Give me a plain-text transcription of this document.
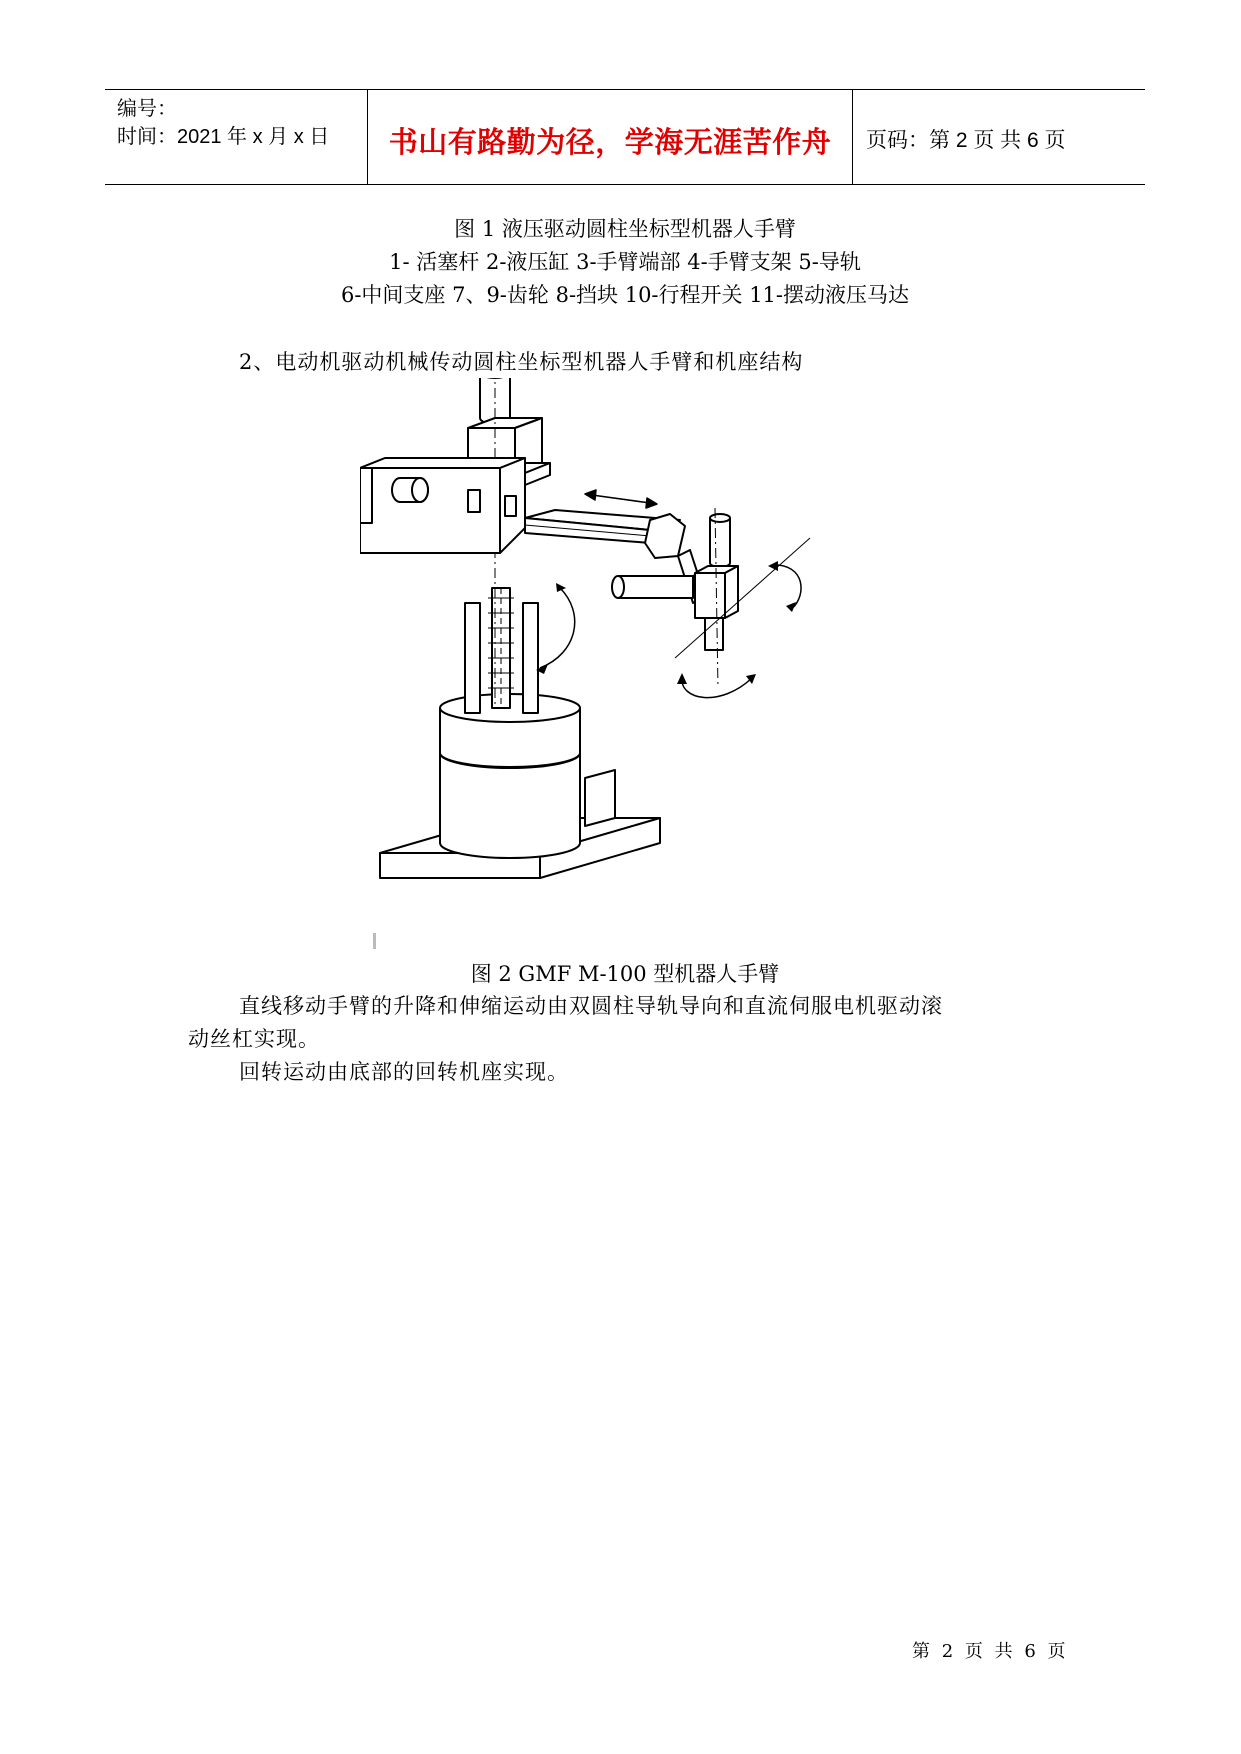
编号：
时间：2021 年 x 月 x 日	书山有路勤为径，学海无涯苦作舟	页码：第 2 页 共 6 页
图 1 液压驱动圆柱坐标型机器人手臂
1- 活塞杆 2-液压缸 3-手臂端部 4-手臂支架 5-导轨
6-中间支座 7、9-齿轮 8-挡块 10-行程开关 11-摆动液压马达
2、电动机驱动机械传动圆柱坐标型机器人手臂和机座结构
图 2 GMF M-100 型机器人手臂
直线移动手臂的升降和伸缩运动由双圆柱导轨导向和直流伺服电机驱动滚
动丝杠实现。
回转运动由底部的回转机座实现。
第 2 页 共 6 页
